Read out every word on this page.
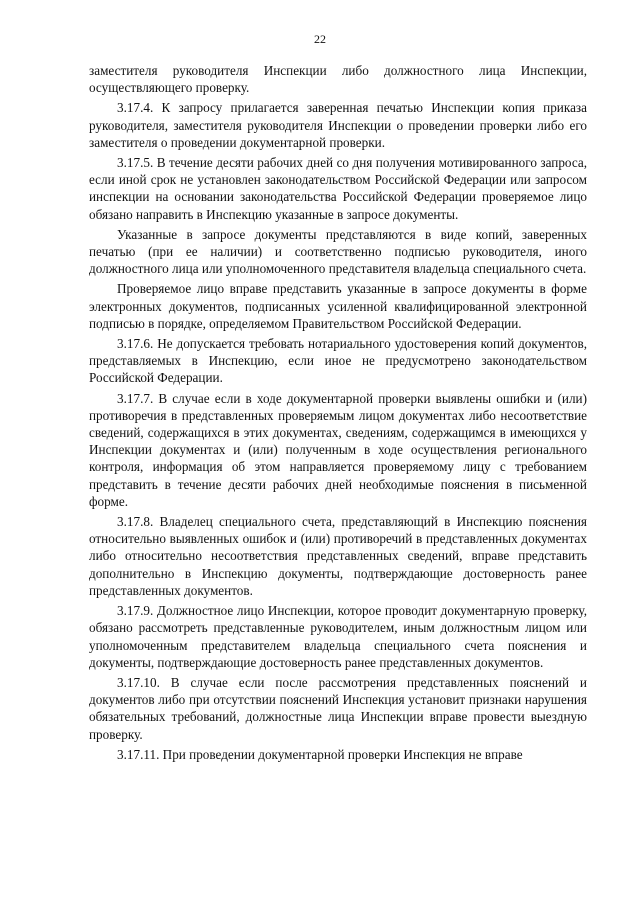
22

заместителя руководителя Инспекции либо должностного лица Инспекции, осуществляющего проверку.

3.17.4. К запросу прилагается заверенная печатью Инспекции копия приказа руководителя, заместителя руководителя Инспекции о проведении проверки либо его заместителя о проведении документарной проверки.

3.17.5. В течение десяти рабочих дней со дня получения мотивированного запроса, если иной срок не установлен законодательством Российской Федерации или запросом инспекции на основании законодательства Российской Федерации проверяемое лицо обязано направить в Инспекцию указанные в запросе документы.

Указанные в запросе документы представляются в виде копий, заверенных печатью (при ее наличии) и соответственно подписью руководителя, иного должностного лица или уполномоченного представителя владельца специального счета.

Проверяемое лицо вправе представить указанные в запросе документы в форме электронных документов, подписанных усиленной квалифицированной электронной подписью в порядке, определяемом Правительством Российской Федерации.

3.17.6. Не допускается требовать нотариального удостоверения копий документов, представляемых в Инспекцию, если иное не предусмотрено законодательством Российской Федерации.

3.17.7. В случае если в ходе документарной проверки выявлены ошибки и (или) противоречия в представленных проверяемым лицом документах либо несоответствие сведений, содержащихся в этих документах, сведениям, содержащимся в имеющихся у Инспекции документах и (или) полученным в ходе осуществления регионального контроля, информация об этом направляется проверяемому лицу с требованием представить в течение десяти рабочих дней необходимые пояснения в письменной форме.

3.17.8. Владелец специального счета, представляющий в Инспекцию пояснения относительно выявленных ошибок и (или) противоречий в представленных документах либо относительно несоответствия представленных сведений, вправе представить дополнительно в Инспекцию документы, подтверждающие достоверность ранее представленных документов.

3.17.9. Должностное лицо Инспекции, которое проводит документарную проверку, обязано рассмотреть представленные руководителем, иным должностным лицом или уполномоченным представителем владельца специального счета пояснения и документы, подтверждающие достоверность ранее представленных документов.

3.17.10. В случае если после рассмотрения представленных пояснений и документов либо при отсутствии пояснений Инспекция установит признаки нарушения обязательных требований, должностные лица Инспекции вправе провести выездную проверку.

3.17.11. При проведении документарной проверки Инспекция не вправе
